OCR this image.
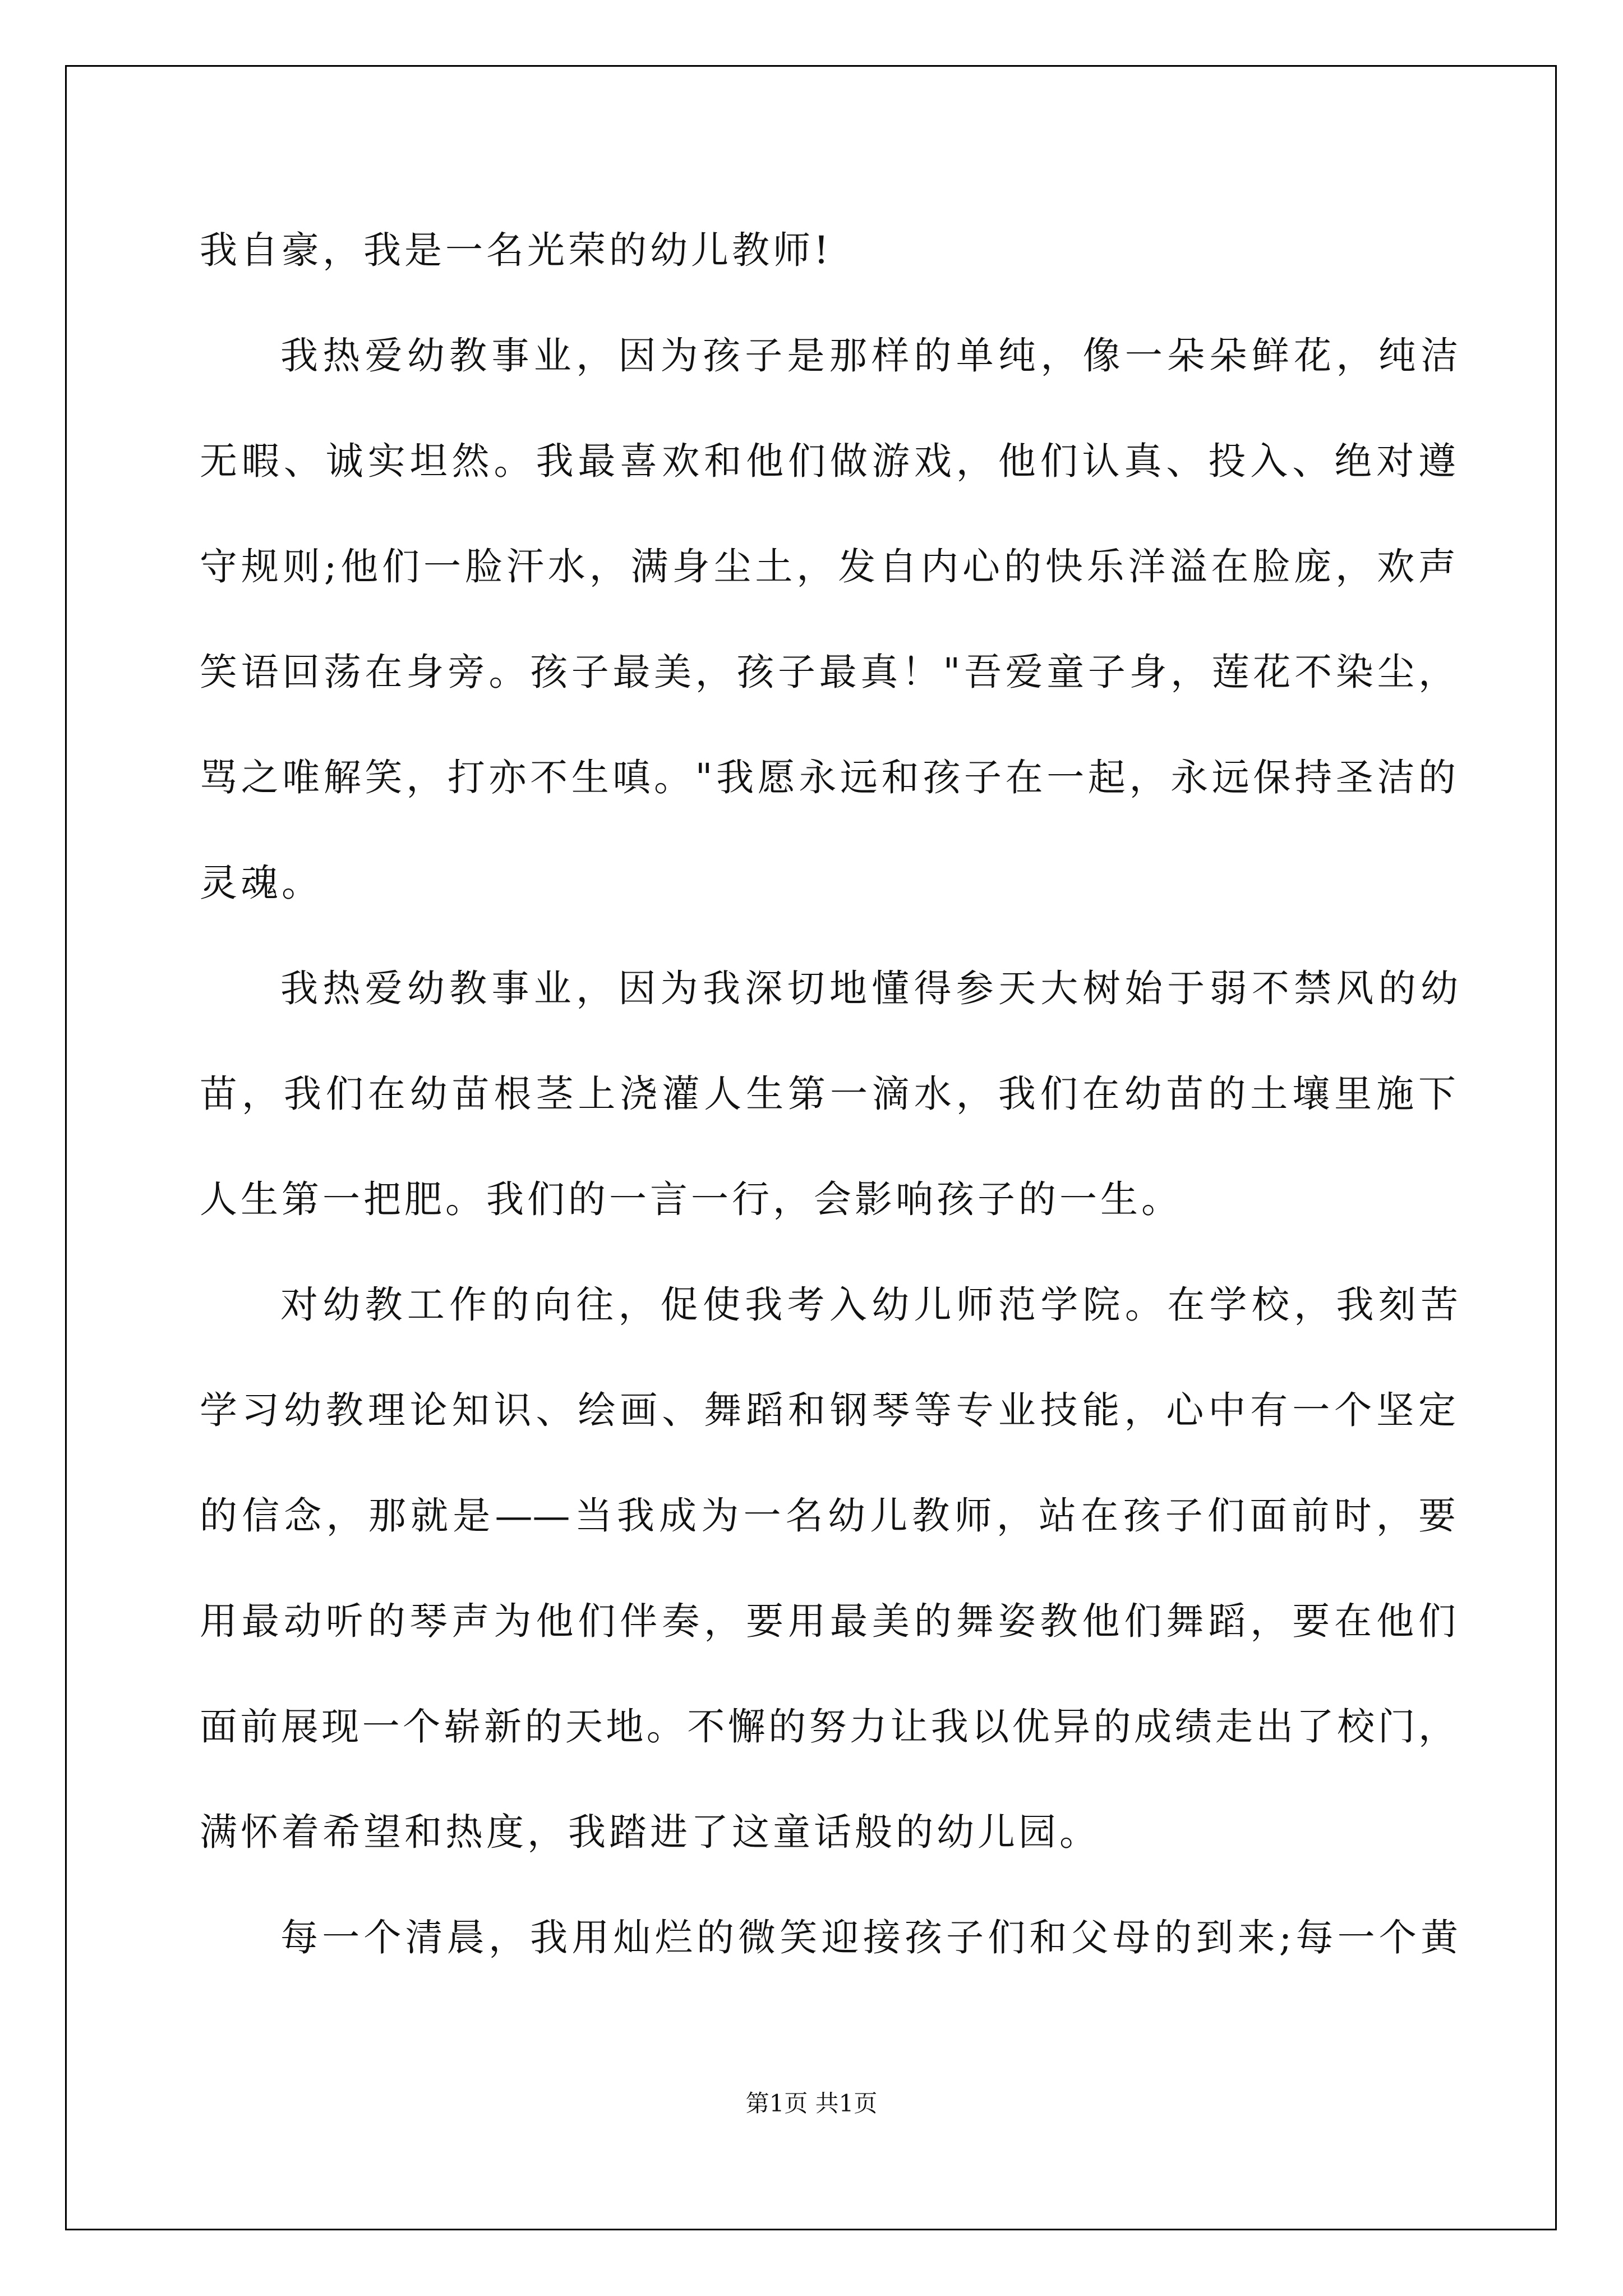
我自豪，我是一名光荣的幼儿教师!
我热爱幼教事业，因为孩子是那样的单纯，像一朵朵鲜花，纯洁
无暇、诚实坦然。我最喜欢和他们做游戏，他们认真、投入、绝对遵
守规则;他们一脸汗水，满身尘土，发自内心的快乐洋溢在脸庞，欢声
笑语回荡在身旁。孩子最美，孩子最真！"吾爱童子身，莲花不染尘，
骂之唯解笑，打亦不生嗔。"我愿永远和孩子在一起，永远保持圣洁的
灵魂。
我热爱幼教事业，因为我深切地懂得参天大树始于弱不禁风的幼
苗，我们在幼苗根茎上浇灌人生第一滴水，我们在幼苗的土壤里施下
人生第一把肥。我们的一言一行，会影响孩子的一生。
对幼教工作的向往，促使我考入幼儿师范学院。在学校，我刻苦
学习幼教理论知识、绘画、舞蹈和钢琴等专业技能，心中有一个坚定
的信念，那就是——当我成为一名幼儿教师，站在孩子们面前时，要
用最动听的琴声为他们伴奏，要用最美的舞姿教他们舞蹈，要在他们
面前展现一个崭新的天地。不懈的努力让我以优异的成绩走出了校门，
满怀着希望和热度，我踏进了这童话般的幼儿园。
每一个清晨，我用灿烂的微笑迎接孩子们和父母的到来;每一个黄
第1页 共1页
